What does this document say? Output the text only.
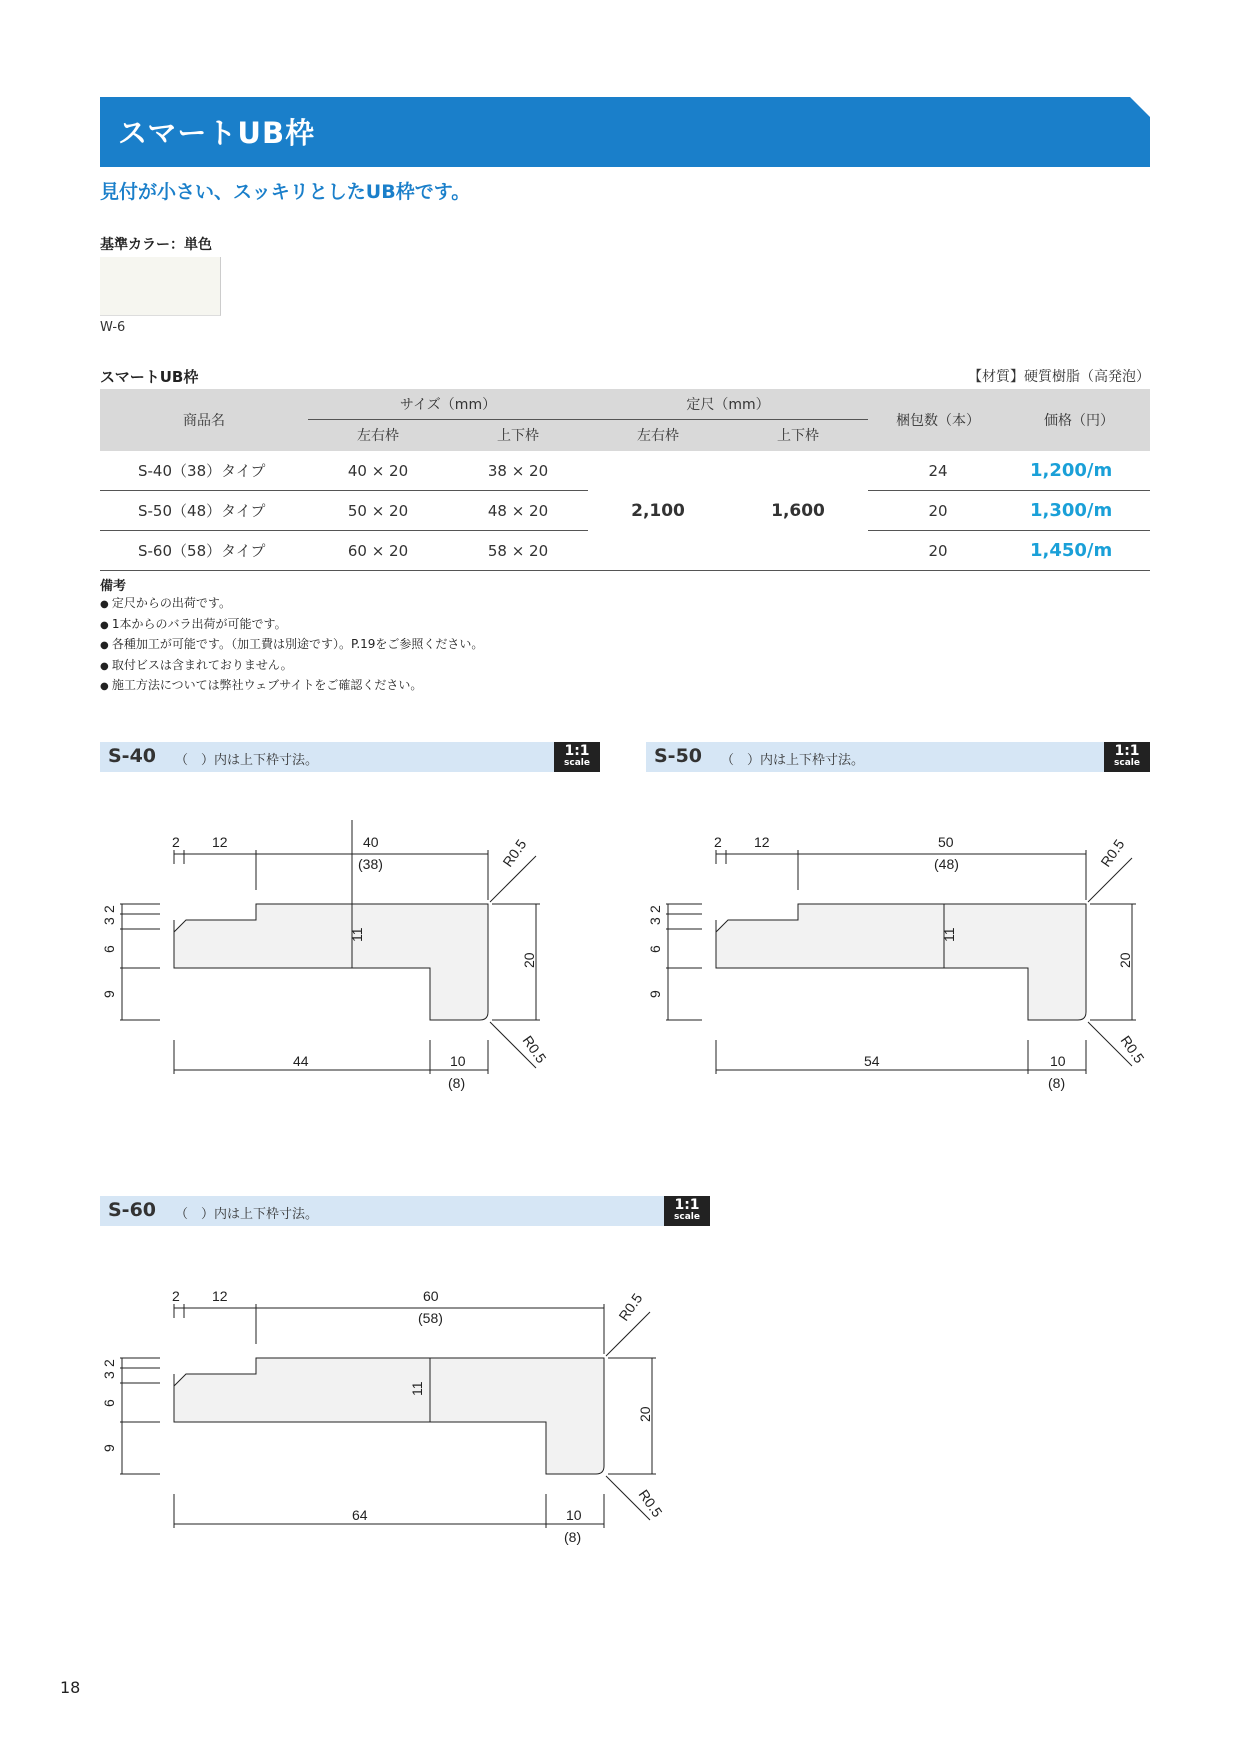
スマートUB枠
見付が小さい、スッキリとしたUB枠です。
基準カラー：単色
W-6
スマートUB枠	【材質】硬質樹脂（高発泡）
商品名	サイズ（mm）		定尺（mm）		梱包数（本）	価格（円）
	左右枠	上下枠	左右枠	上下枠		
S-40（38）タイプ	40 × 20	38 × 20	2,100	1,600	24	1,200/m
S-50（48）タイプ	50 × 20	48 × 20			20	1,300/m
S-60（58）タイプ	60 × 20	58 × 20			20	1,450/m
備考
● 定尺からの出荷です。
● 1本からのバラ出荷が可能です。
● 各種加工が可能です。（加工費は別途です）。P.19をご参照ください。
● 取付ビスは含まれておりません。
● 施工方法については弊社ウェブサイトをご確認ください。
S-40 （　）内は上下枠寸法。
1:1
scale
2 12	40
(38)	R0.5
R0.5
11
20
2
3
6
9
44	10
(8)
S-50 （　）内は上下枠寸法。
1:1
scale
2 12	50
(48)	R0.5
R0.5
11
20
2
3
6
9
54	10
(8)
S-60 （　）内は上下枠寸法。
1:1
scale
2 12	60
(58)	R0.5
R0.5
11
20
2
3
6
9
64	10
(8)
18
